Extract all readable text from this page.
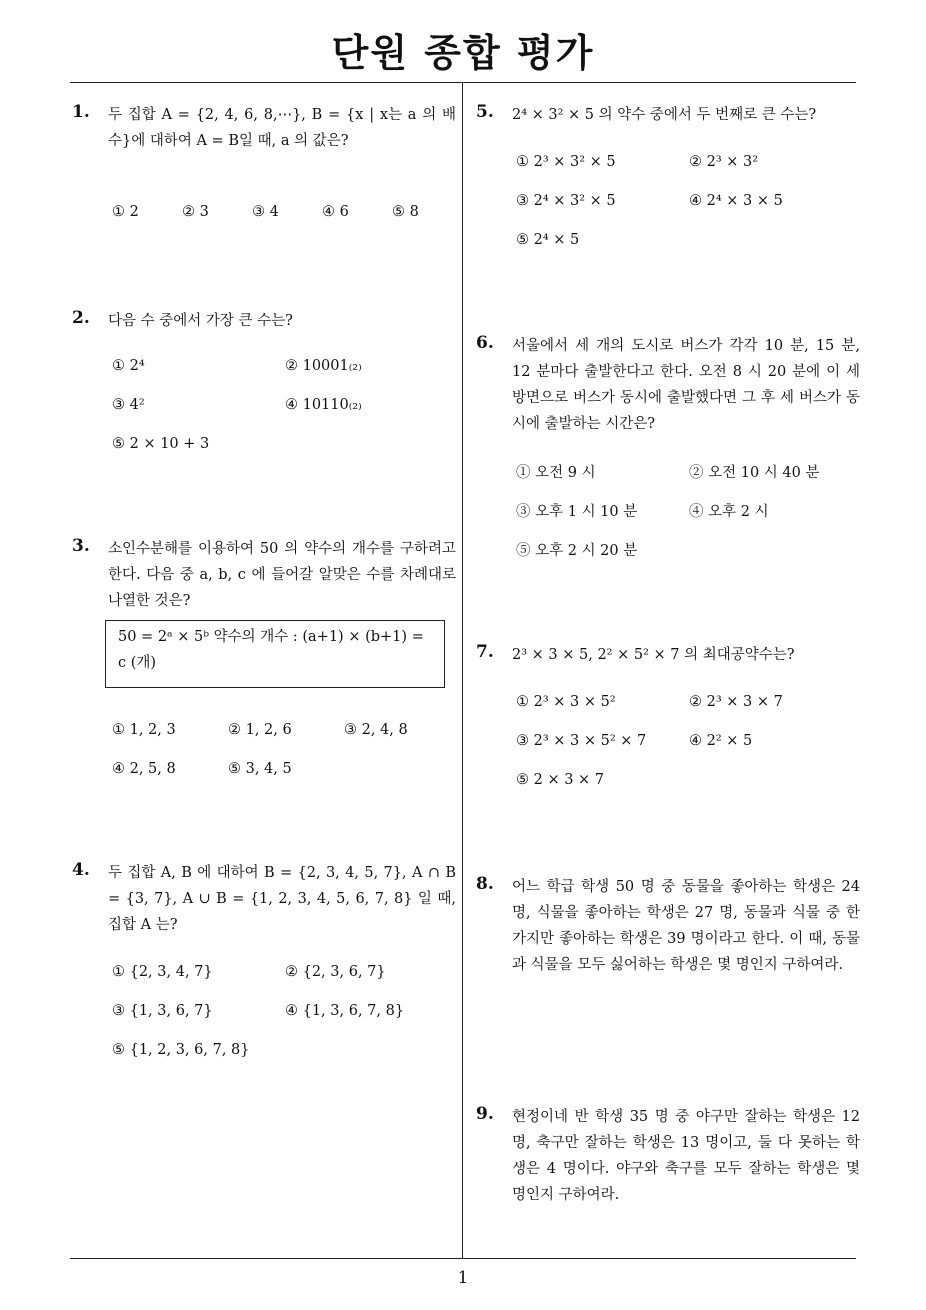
단원 종합 평가
1
1. 두 집합 A = {2, 4, 6, 8,⋯}, B = {x | x는 a 의 배수}에 대하여 A = B일 때, a 의 값은?
① 2	② 3	③ 4	④ 6	⑤ 8
2. 다음 수 중에서 가장 큰 수는?
① 2⁴	② 10001₍₂₎
③ 4²	④ 10110₍₂₎
⑤ 2 × 10 + 3
3. 소인수분해를 이용하여 50 의 약수의 개수를 구하려고 한다. 다음 중 a, b, c 에 들어갈 알맞은 수를 차례대로 나열한 것은?
50 = 2ᵃ × 5ᵇ 약수의 개수 : (a+1) × (b+1) = c (개)
① 1, 2, 3	② 1, 2, 6	③ 2, 4, 8
④ 2, 5, 8	⑤ 3, 4, 5
4. 두 집합 A, B 에 대하여 B = {2, 3, 4, 5, 7}, A ∩ B = {3, 7}, A ∪ B = {1, 2, 3, 4, 5, 6, 7, 8} 일 때, 집합 A 는?
① {2, 3, 4, 7}	② {2, 3, 6, 7}
③ {1, 3, 6, 7}	④ {1, 3, 6, 7, 8}
⑤ {1, 2, 3, 6, 7, 8}
5. 2⁴ × 3² × 5 의 약수 중에서 두 번째로 큰 수는?
① 2³ × 3² × 5	② 2³ × 3²
③ 2⁴ × 3² × 5	④ 2⁴ × 3 × 5
⑤ 2⁴ × 5
6. 서울에서 세 개의 도시로 버스가 각각 10 분, 15 분, 12 분마다 출발한다고 한다. 오전 8 시 20 분에 이 세 방면으로 버스가 동시에 출발했다면 그 후 세 버스가 동시에 출발하는 시간은?
① 오전 9 시	② 오전 10 시 40 분
③ 오후 1 시 10 분	④ 오후 2 시
⑤ 오후 2 시 20 분
7. 2³ × 3 × 5, 2² × 5² × 7 의 최대공약수는?
① 2³ × 3 × 5²	② 2³ × 3 × 7
③ 2³ × 3 × 5² × 7	④ 2² × 5
⑤ 2 × 3 × 7
8. 어느 학급 학생 50 명 중 동물을 좋아하는 학생은 24 명, 식물을 좋아하는 학생은 27 명, 동물과 식물 중 한 가지만 좋아하는 학생은 39 명이라고 한다. 이 때, 동물과 식물을 모두 싫어하는 학생은 몇 명인지 구하여라.
9. 현정이네 반 학생 35 명 중 야구만 잘하는 학생은 12 명, 축구만 잘하는 학생은 13 명이고, 둘 다 못하는 학생은 4 명이다. 야구와 축구를 모두 잘하는 학생은 몇 명인지 구하여라.
